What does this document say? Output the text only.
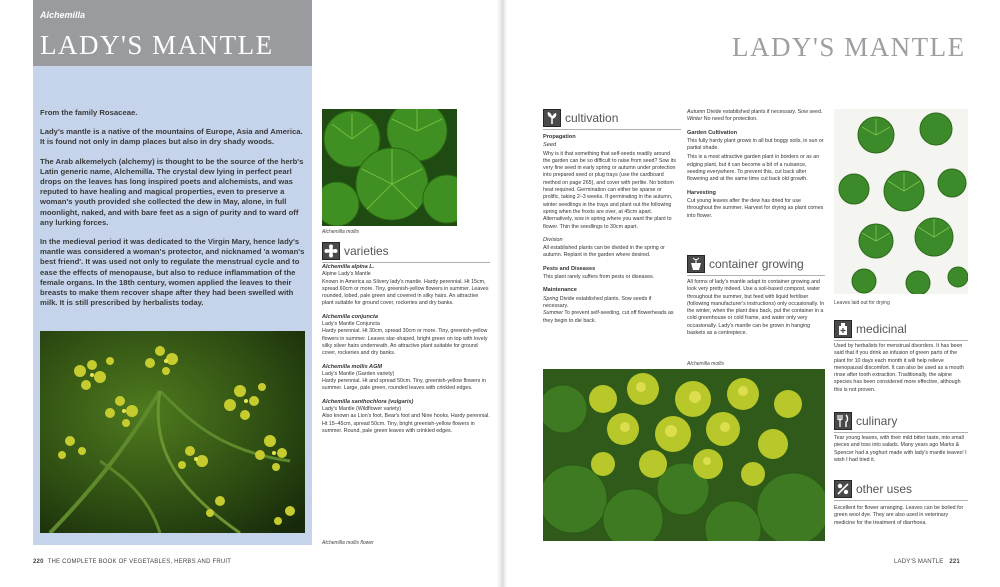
Alchemilla
LADY'S MANTLE

From the family Rosaceae.

Lady's mantle is a native of the mountains of Europe, Asia and America. It is found not only in damp places but also in dry shady woods.

The Arab alkemelych (alchemy) is thought to be the source of the herb's Latin generic name, Alchemilla. The crystal dew lying in perfect pearl drops on the leaves has long inspired poets and alchemists, and was reputed to have healing and magical properties, even to preserve a woman's youth provided she collected the dew in May, alone, in full moonlight, naked, and with bare feet as a sign of purity and to ward off any lurking forces.

In the medieval period it was dedicated to the Virgin Mary, hence lady's mantle was considered a woman's protector, and nicknamed 'a woman's best friend'. It was used not only to regulate the menstrual cycle and to ease the effects of menopause, but also to reduce inflammation of the female organs. In the 18th century, women applied the leaves to their breasts to make them recover shape after they had been swelled with milk. It is still prescribed by herbalists today.

Alchemilla mollis
varieties

Alchemilla alpina L.
Alpine Lady's Mantle
Known in America as Silvery lady's mantle. Hardy perennial. Ht 15cm, spread 60cm or more. Tiny, greenish-yellow flowers in summer. Leaves rounded, lobed, pale green and covered in silky hairs. An attractive plant suitable for ground cover, rockeries and dry banks.

Alchemilla conjuncta
Lady's Mantle Conjuncta
Hardy perennial. Ht 30cm, spread 30cm or more. Tiny, greenish-yellow flowers in summer. Leaves star-shaped, bright green on top with lovely silky silver hairs underneath. An attractive plant suitable for ground cover, rockeries and dry banks.

Alchemilla mollis AGM
Lady's Mantle (Garden variety)
Hardy perennial. Ht and spread 50cm. Tiny, greenish-yellow flowers in summer. Large, pale green, rounded leaves with crinkled edges.

Alchemilla xanthochlora (vulgaris)
Lady's Mantle (Wildflower variety)
Also known as Lion's foot, Bear's foot and Nine hooks. Hardy perennial. Ht 15–45cm, spread 50cm. Tiny, bright greenish-yellow flowers in summer. Round, pale green leaves with crinkled edges.

Alchemilla mollis flower
220 THE COMPLETE BOOK OF VEGETABLES, HERBS AND FRUIT
LADY'S MANTLE
cultivation
Propagation
Seed

Why is it that something that self-seeds readily around the garden can be so difficult to raise from seed? Sow its very fine seed in early spring or autumn under protection into prepared seed or plug trays (use the cardboard method on page 265), and cover with perlite. No bottom heat required. Germination can either be sparse or prolific, taking 2–3 weeks. If germinating in the autumn, winter seedlings in the trays and plant out the following spring when the frosts are over, at 45cm apart. Alternatively, sow in spring where you want the plant to flower. Thin the seedlings to 30cm apart.

Division

All established plants can be divided in the spring or autumn. Replant in the garden where desired.

Pests and Diseases

This plant rarely suffers from pests or diseases.

Maintenance

Spring Divide established plants. Sow seeds if necessary.

Summer To prevent self-seeding, cut off flowerheads as they begin to die back.

Autumn Divide established plants if necessary. Sow seed.

Winter No need for protection.

Garden Cultivation

This fully hardy plant grows in all but boggy soils, in sun or partial shade.

This is a most attractive garden plant in borders or as an edging plant, but it can become a bit of a nuisance, seeding everywhere. To prevent this, cut back after flowering and at the same time cut back old growth.

Harvesting

Cut young leaves after the dew has dried for use throughout the summer. Harvest for drying as plant comes into flower.

container growing

All forms of lady's mantle adapt to container growing and look very pretty indeed. Use a soil-based compost, water throughout the summer, but feed with liquid fertiliser (following manufacturer's instructions) only occasionally. In the winter, when the plant dies back, put the container in a cold greenhouse or cold frame, and water only very occasionally. Lady's mantle can be grown in hanging baskets as a centrepiece.

Alchemilla mollis
Leaves laid out for drying
medicinal

Used by herbalists for menstrual disorders. It has been said that if you drink an infusion of green parts of the plant for 10 days each month it will help relieve menopausal discomfort. It can also be used as a mouth rinse after tooth extraction. Traditionally, the alpine species has been considered more effective, although this is not proven.

culinary

Tear young leaves, with their mild bitter taste, into small pieces and toss into salads. Many years ago Marks & Spencer had a yoghurt made with lady's mantle leaves! I wish I had tried it.

other uses

Excellent for flower arranging. Leaves can be boiled for green wool dye. They are also used in veterinary medicine for the treatment of diarrhoea.

LADY'S MANTLE 221
